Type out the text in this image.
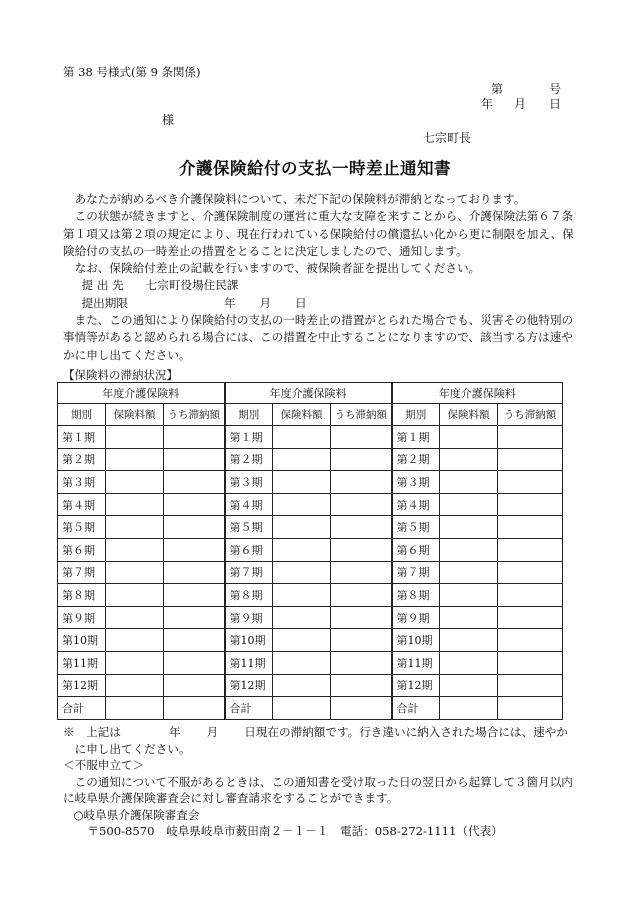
第 38 号様式(第 9 条関係)
第	号
年 月 日
様
七宗町長
介護保険給付の支払一時差止通知書

あなたが納めるべき介護保険料について、未だ下記の保険料が滞納となっております。

この状態が続きますと、介護保険制度の運営に重大な支障を来すことから、介護保険法第６７条第１項又は第２項の規定により、現在行われている保険給付の償還払い化から更に制限を加え、保険給付の支払の一時差止の措置をとることに決定しましたので、通知します。

なお、保険給付差止の記載を行いますので、被保険者証を提出してください。

提 出 先 七宗町役場住民課

提出期限	年 月 日

また、この通知により保険給付の支払の一時差止の措置がとられた場合でも、災害その他特別の事情等があると認められる場合には、この措置を中止することになりますので、該当する方は速やかに申し出てください。

【保険料の滞納状況】
年度介護保険料			年度介護保険料			年度介護保険料		
期別	保険料額	うち滞納額	期別	保険料額	うち滞納額	期別	保険料額	うち滞納額
第１期			第１期			第１期		
第２期			第２期			第２期		
第３期			第３期			第３期		
第４期			第４期			第４期		
第５期			第５期			第５期		
第６期			第６期			第６期		
第７期			第７期			第７期		
第８期			第８期			第８期		
第９期			第９期			第９期		
第10期			第10期			第10期		
第11期			第11期			第11期		
第12期			第12期			第12期		
合計			合計			合計		

※　上記は	年 月 日現在の滞納額です。行き違いに納入された場合には、速やかに申し出てください。

＜不服申立て＞

この通知について不服があるときは、この通知書を受け取った日の翌日から起算して３箇月以内に岐阜県介護保険審査会に対し審査請求をすることができます。

○岐阜県介護保険審査会

〒500-8570　岐阜県岐阜市薮田南２－１－１　電話：058-272-1111（代表）
